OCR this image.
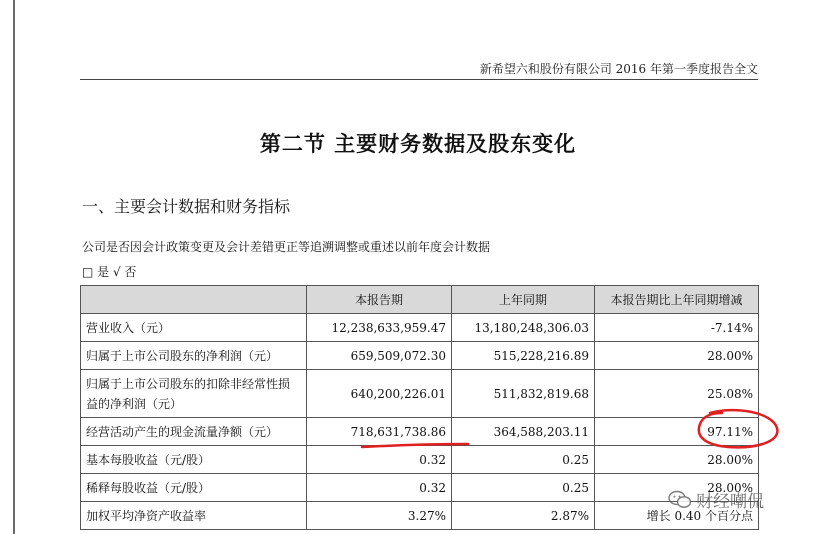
新希望六和股份有限公司 2016 年第一季度报告全文
第二节 主要财务数据及股东变化
一、主要会计数据和财务指标
公司是否因会计政策变更及会计差错更正等追溯调整或重述以前年度会计数据
□ 是 √ 否
	本报告期	上年同期	本报告期比上年同期增减
营业收入（元）	12,238,633,959.47	13,180,248,306.03	-7.14%
归属于上市公司股东的净利润（元）	659,509,072.30	515,228,216.89	28.00%
归属于上市公司股东的扣除非经常性损益的净利润（元）	640,200,226.01	511,832,819.68	25.08%
经营活动产生的现金流量净额（元）	718,631,738.86	364,588,203.11	97.11%
基本每股收益（元/股）	0.32	0.25	28.00%
稀释每股收益（元/股）	0.32	0.25	28.00%
加权平均净资产收益率	3.27%	2.87%	增长 0.40 个百分点
财经嘲侃
